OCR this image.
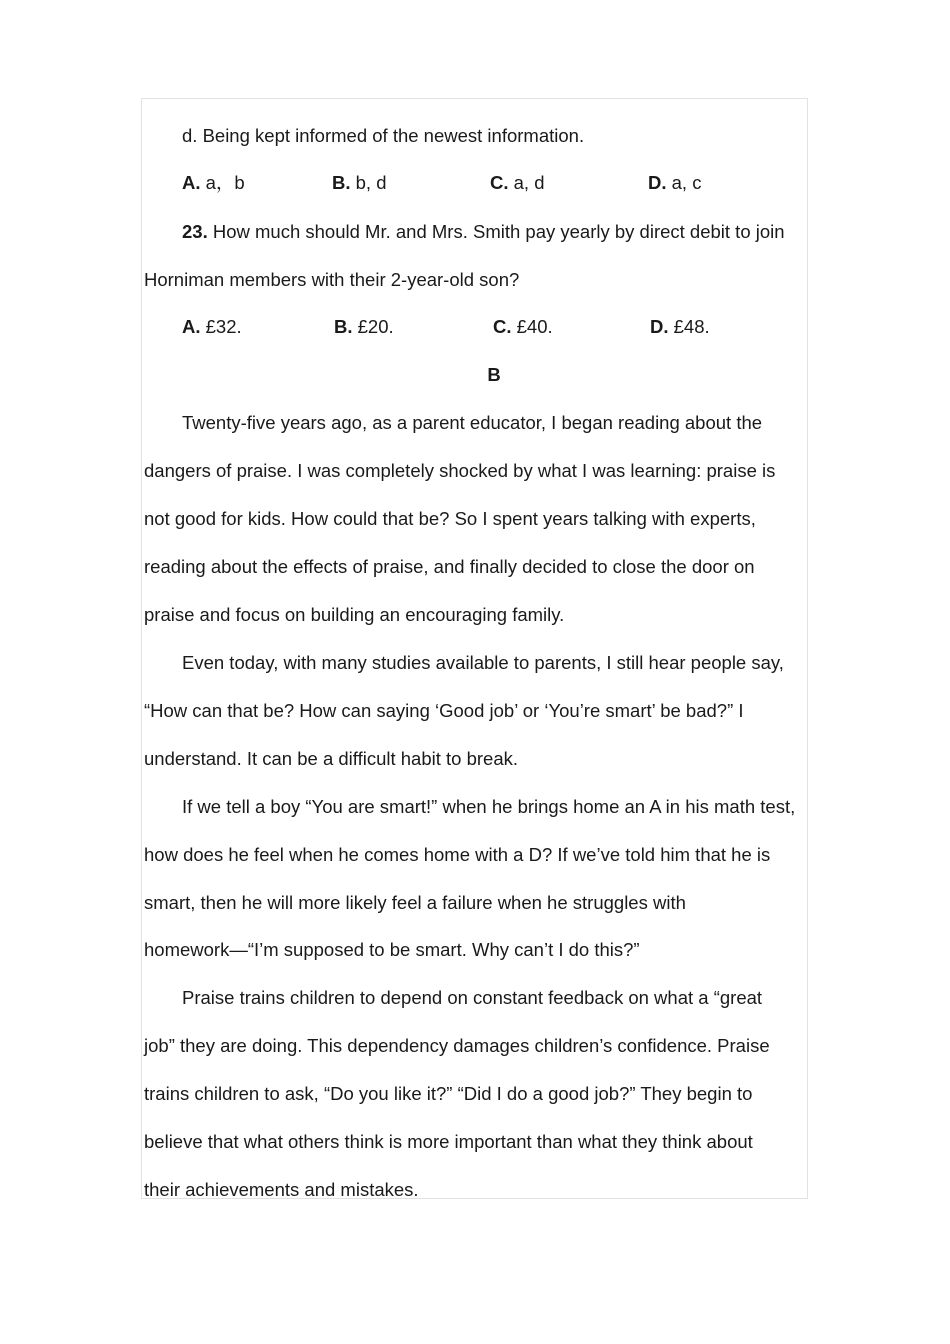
d. Being kept informed of the newest information.
A. a，b	B. b, d	C. a, d	D. a, c
23. How much should Mr. and Mrs. Smith pay yearly by direct debit to join
Horniman members with their 2-year-old son?
A. £32.	B. £20.	C. £40.	D. £48.
B
Twenty-five years ago, as a parent educator, I began reading about the
dangers of praise. I was completely shocked by what I was learning: praise is
not good for kids. How could that be? So I spent years talking with experts,
reading about the effects of praise, and finally decided to close the door on
praise and focus on building an encouraging family.
Even today, with many studies available to parents, I still hear people say,
“How can that be? How can saying ‘Good job’ or ‘You’re smart’ be bad?” I
understand. It can be a difficult habit to break.
If we tell a boy “You are smart!” when he brings home an A in his math test,
how does he feel when he comes home with a D? If we’ve told him that he is
smart, then he will more likely feel a failure when he struggles with
homework—“I’m supposed to be smart. Why can’t I do this?”
Praise trains children to depend on constant feedback on what a “great
job” they are doing. This dependency damages children’s confidence. Praise
trains children to ask, “Do you like it?” “Did I do a good job?” They begin to
believe that what others think is more important than what they think about
their achievements and mistakes.
